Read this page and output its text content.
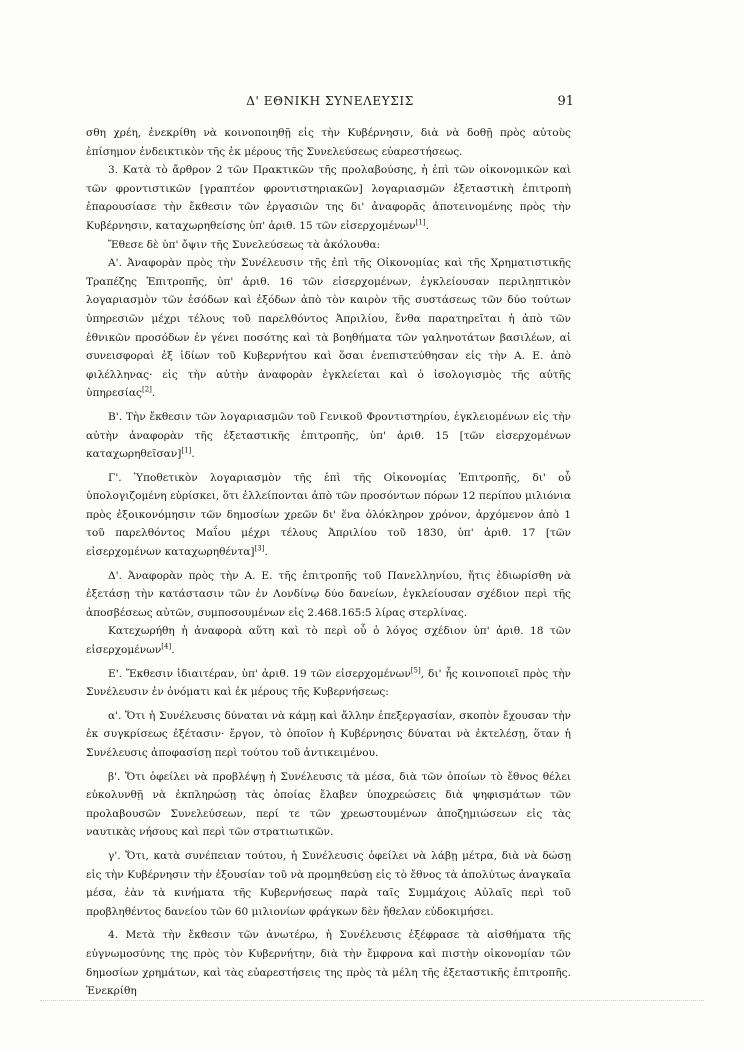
Δ' ΕΘΝΙΚΗ ΣΥΝΕΛΕΥΣΙΣ	91

σθη χρέη, ἐνεκρίθη νὰ κοινοποιηθῇ εἰς τὴν Κυβέρνησιν, διὰ νὰ δοθῇ πρὸς αὐτοὺς ἐπίσημον ἐνδεικτικὸν τῆς ἐκ μέρους τῆς Συνελεύσεως εὐαρεστήσεως.

3. Κατὰ τὸ ἄρθρον 2 τῶν Πρακτικῶν τῆς προλαβούσης, ἡ ἐπὶ τῶν οἰκονομικῶν καὶ τῶν φροντιστικῶν [γραπτέον φροντιστηριακῶν] λογαριασμῶν ἐξεταστικὴ ἐπιτροπὴ ἐπαρουσίασε τὴν ἔκθεσιν τῶν ἐργασιῶν της δι' ἀναφορᾶς ἀποτεινομένης πρὸς τὴν Κυβέρνησιν, καταχωρηθείσης ὑπ' ἀριθ. 15 τῶν εἰσερχομένων[1].

Ἔθεσε δὲ ὑπ' ὄψιν τῆς Συνελεύσεως τὰ ἀκόλουθα:

Α'. Ἀναφορὰν πρὸς τὴν Συνέλευσιν τῆς ἐπὶ τῆς Οἰκονομίας καὶ τῆς Χρηματιστικῆς Τραπέζης Ἐπιτροπῆς, ὑπ' ἀριθ. 16 τῶν εἰσερχομένων, ἐγκλείουσαν περιληπτικὸν λογαριασμὸν τῶν ἐσόδων καὶ ἐξόδων ἀπὸ τὸν καιρὸν τῆς συστάσεως τῶν δύο τούτων ὑπηρεσιῶν μέχρι τέλους τοῦ παρελθόντος Ἀπριλίου, ἔνθα παρατηρεῖται ἡ ἀπὸ τῶν ἐθνικῶν προσόδων ἐν γένει ποσότης καὶ τὰ βοηθήματα τῶν γαληνοτάτων βασιλέων, αἱ συνεισφοραὶ ἐξ ἰδίων τοῦ Κυβερνήτου καὶ ὅσαι ἐνεπιστεύθησαν εἰς τὴν Α. Ε. ἀπὸ φιλέλληνας· εἰς τὴν αὐτὴν ἀναφορὰν ἐγκλείεται καὶ ὁ ἰσολογισμὸς τῆς αὐτῆς ὑπηρεσίας[2].

Β'. Τὴν ἔκθεσιν τῶν λογαριασμῶν τοῦ Γενικοῦ Φροντιστηρίου, ἐγκλειομένων εἰς τὴν αὐτὴν ἀναφορὰν τῆς ἐξεταστικῆς ἐπιτροπῆς, ὑπ' ἀριθ. 15 [τῶν εἰσερχομένων καταχωρηθεῖσαν][1].

Γ'. Ὑποθετικὸν λογαριασμὸν τῆς ἐπὶ τῆς Οἰκονομίας Ἐπιτροπῆς, δι' οὗ ὑπολογιζομένη εὑρίσκει, ὅτι ἐλλείπονται ἀπὸ τῶν προσόντων πόρων 12 περίπου μιλιόνια πρὸς ἐξοικονόμησιν τῶν δημοσίων χρεῶν δι' ἕνα ὁλόκληρον χρόνον, ἀρχόμενον ἀπὸ 1 τοῦ παρελθόντος Μαΐου μέχρι τέλους Ἀπριλίου τοῦ 1830, ὑπ' ἀριθ. 17 [τῶν εἰσερχομένων καταχωρηθέντα][3].

Δ'. Ἀναφορὰν πρὸς τὴν Α. Ε. τῆς ἐπιτροπῆς τοῦ Πανελληνίου, ἥτις ἐδιωρίσθη νὰ ἐξετάσῃ τὴν κατάστασιν τῶν ἐν Λονδίνῳ δύο δανείων, ἐγκλείουσαν σχέδιον περὶ τῆς ἀποσβέσεως αὐτῶν, συμποσουμένων εἰς 2.468.165:5 λίρας στερλίνας.

Κατεχωρήθη ἡ ἀναφορὰ αὕτη καὶ τὸ περὶ οὗ ὁ λόγος σχέδιον ὑπ' ἀριθ. 18 τῶν εἰσερχομένων[4].

Ε'. Ἔκθεσιν ἰδιαιτέραν, ὑπ' ἀριθ. 19 τῶν εἰσερχομένων[5], δι' ἧς κοινοποιεῖ πρὸς τὴν Συνέλευσιν ἐν ὀνόματι καὶ ἐκ μέρους τῆς Κυβερνήσεως:

α'. Ὅτι ἡ Συνέλευσις δύναται νὰ κάμῃ καὶ ἄλλην ἐπεξεργασίαν, σκοπὸν ἔχουσαν τὴν ἐκ συγκρίσεως ἐξέτασιν· ἔργον, τὸ ὁποῖον ἡ Κυβέρνησις δύναται νὰ ἐκτελέσῃ, ὅταν ἡ Συνέλευσις ἀποφασίσῃ περὶ τούτου τοῦ ἀντικειμένου.

β'. Ὅτι ὀφείλει νὰ προβλέψῃ ἡ Συνέλευσις τὰ μέσα, διὰ τῶν ὁποίων τὸ ἔθνος θέλει εὐκολυνθῇ νὰ ἐκπληρώσῃ τὰς ὁποίας ἔλαβεν ὑποχρεώσεις διὰ ψηφισμάτων τῶν προλαβουσῶν Συνελεύσεων, περί τε τῶν χρεωστουμένων ἀποζημιώσεων εἰς τὰς ναυτικὰς νήσους καὶ περὶ τῶν στρατιωτικῶν.

γ'. Ὅτι, κατὰ συνέπειαν τούτου, ἡ Συνέλευσις ὀφείλει νὰ λάβῃ μέτρα, διὰ νὰ δώσῃ εἰς τὴν Κυβέρνησιν τὴν ἐξουσίαν τοῦ νὰ προμηθεύσῃ εἰς τὸ ἔθνος τὰ ἀπολύτως ἀναγκαῖα μέσα, ἐὰν τὰ κινήματα τῆς Κυβερνήσεως παρὰ ταῖς Συμμάχοις Αὐλαῖς περὶ τοῦ προβληθέντος δανείου τῶν 60 μιλιονίων φράγκων δὲν ἤθελαν εὐδοκιμήσει.

4. Μετὰ τὴν ἔκθεσιν τῶν ἀνωτέρω, ἡ Συνέλευσις ἐξέφρασε τὰ αἰσθήματα τῆς εὐγνωμοσύνης της πρὸς τὸν Κυβερνήτην, διὰ τὴν ἔμφρονα καὶ πιστὴν οἰκονομίαν τῶν δημοσίων χρημάτων, καὶ τὰς εὐαρεστήσεις της πρὸς τὰ μέλη τῆς ἐξεταστικῆς ἐπιτροπῆς. Ἐνεκρίθη
